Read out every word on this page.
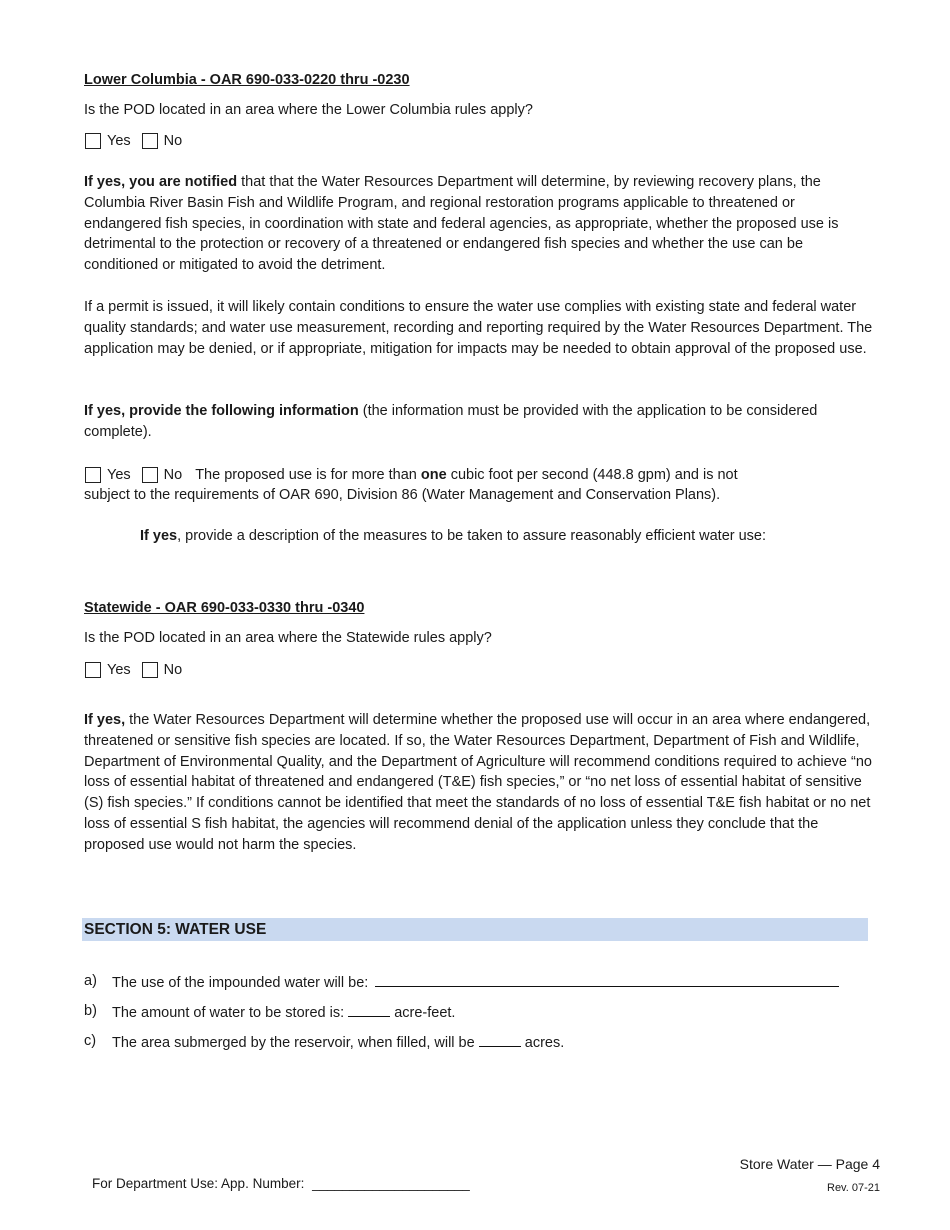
Lower Columbia - OAR 690-033-0220 thru -0230
Is the POD located in an area where the Lower Columbia rules apply?
Yes No
If yes, you are notified that that the Water Resources Department will determine, by reviewing recovery plans, the Columbia River Basin Fish and Wildlife Program, and regional restoration programs applicable to threatened or endangered fish species, in coordination with state and federal agencies, as appropriate, whether the proposed use is detrimental to the protection or recovery of a threatened or endangered fish species and whether the use can be conditioned or mitigated to avoid the detriment.
If a permit is issued, it will likely contain conditions to ensure the water use complies with existing state and federal water quality standards; and water use measurement, recording and reporting required by the Water Resources Department. The application may be denied, or if appropriate, mitigation for impacts may be needed to obtain approval of the proposed use.
If yes, provide the following information (the information must be provided with the application to be considered complete).
Yes No The proposed use is for more than one cubic foot per second (448.8 gpm) and is not
subject to the requirements of OAR 690, Division 86 (Water Management and Conservation Plans).
If yes, provide a description of the measures to be taken to assure reasonably efficient water use:
Statewide - OAR 690-033-0330 thru -0340
Is the POD located in an area where the Statewide rules apply?
Yes No
If yes, the Water Resources Department will determine whether the proposed use will occur in an area where endangered, threatened or sensitive fish species are located. If so, the Water Resources Department, Department of Fish and Wildlife, Department of Environmental Quality, and the Department of Agriculture will recommend conditions required to achieve “no loss of essential habitat of threatened and endangered (T&E) fish species,” or “no net loss of essential habitat of sensitive (S) fish species.” If conditions cannot be identified that meet the standards of no loss of essential T&E fish habitat or no net loss of essential S fish habitat, the agencies will recommend denial of the application unless they conclude that the proposed use would not harm the species.
SECTION 5: WATER USE
a) The use of the impounded water will be:
b) The amount of water to be stored is:	acre-feet.
c) The area submerged by the reservoir, when filled, will be	acres.
Store Water — Page 4
Rev. 07-21
For Department Use: App. Number: _____________________
